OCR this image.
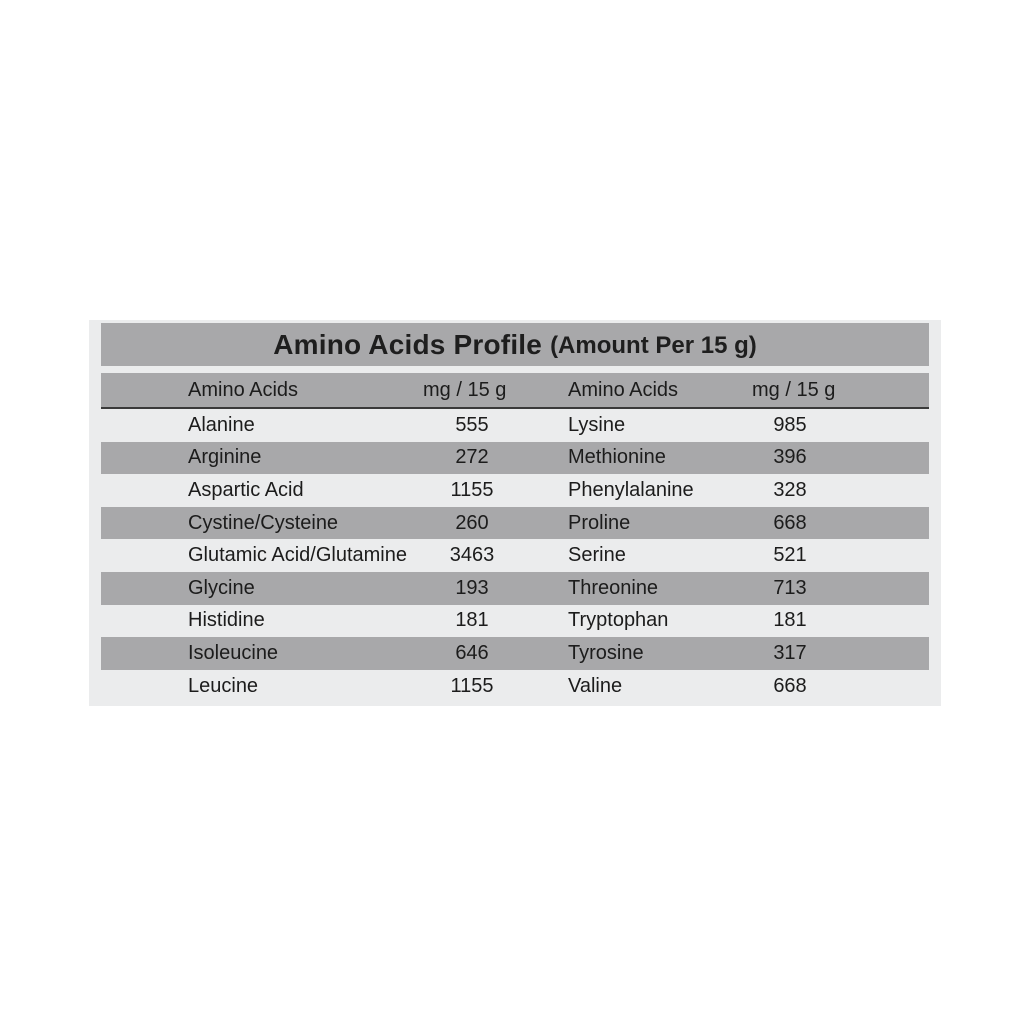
Amino Acids Profile (Amount Per 15 g)
Amino Acids	mg / 15 g	Amino Acids	mg / 15 g
Alanine	555	Lysine	985
Arginine	272	Methionine	396
Aspartic Acid	1155	Phenylalanine	328
Cystine/Cysteine	260	Proline	668
Glutamic Acid/Glutamine	3463	Serine	521
Glycine	193	Threonine	713
Histidine	181	Tryptophan	181
Isoleucine	646	Tyrosine	317
Leucine	1155	Valine	668
